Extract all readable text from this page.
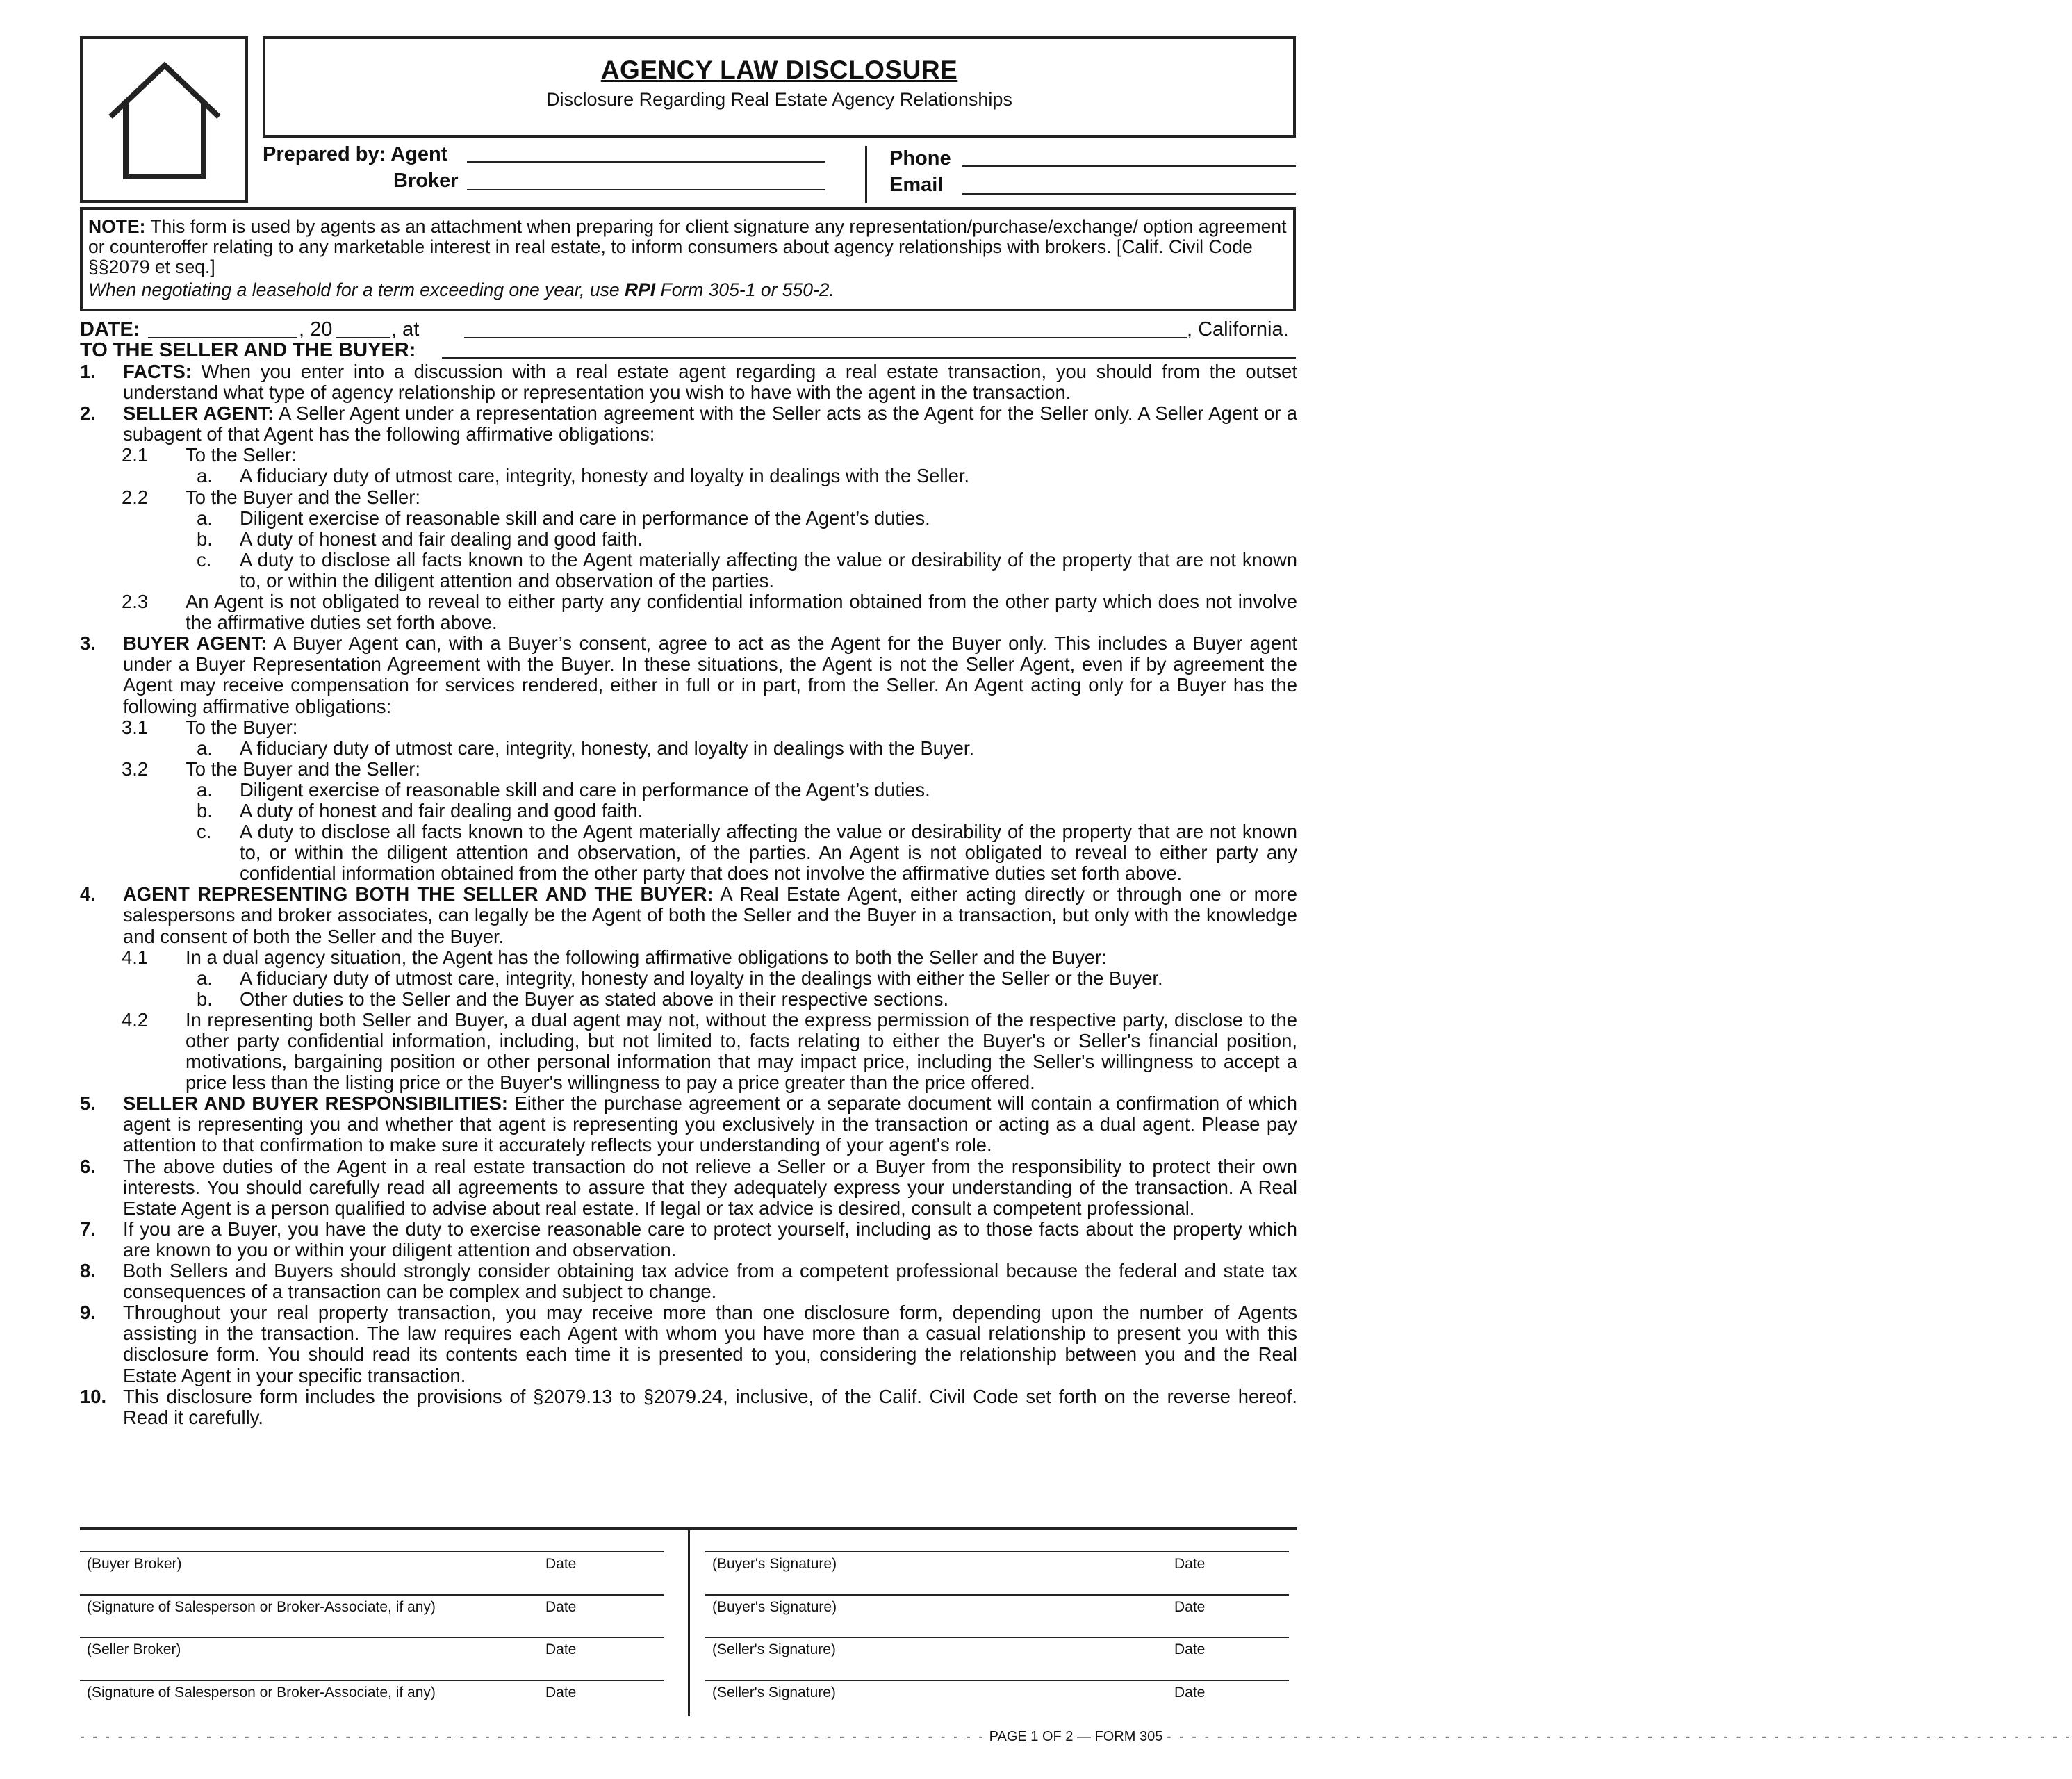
AGENCY LAW DISCLOSURE
Disclosure Regarding Real Estate Agency Relationships
Prepared by: Agent
Broker
Phone
Email
NOTE: This form is used by agents as an attachment when preparing for client signature any representation/purchase/exchange/ option agreement or counteroffer relating to any marketable interest in real estate, to inform consumers about agency relationships with brokers. [Calif. Civil Code §§2079 et seq.]
When negotiating a leasehold for a term exceeding one year, use RPI Form 305-1 or 550-2.
DATE:	, 20	, at	, California.
TO THE SELLER AND THE BUYER:

1. FACTS: When you enter into a discussion with a real estate agent regarding a real estate transaction, you should from the outset understand what type of agency relationship or representation you wish to have with the agent in the transaction.

2. SELLER AGENT: A Seller Agent under a representation agreement with the Seller acts as the Agent for the Seller only. A Seller Agent or a subagent of that Agent has the following affirmative obligations:

2.1 To the Seller:

a. A fiduciary duty of utmost care, integrity, honesty and loyalty in dealings with the Seller.

2.2 To the Buyer and the Seller:

a. Diligent exercise of reasonable skill and care in performance of the Agent’s duties.

b. A duty of honest and fair dealing and good faith.

c. A duty to disclose all facts known to the Agent materially affecting the value or desirability of the property that are not known to, or within the diligent attention and observation of the parties.

2.3 An Agent is not obligated to reveal to either party any confidential information obtained from the other party which does not involve the affirmative duties set forth above.

3. BUYER AGENT: A Buyer Agent can, with a Buyer’s consent, agree to act as the Agent for the Buyer only. This includes a Buyer agent under a Buyer Representation Agreement with the Buyer. In these situations, the Agent is not the Seller Agent, even if by agreement the Agent may receive compensation for services rendered, either in full or in part, from the Seller. An Agent acting only for a Buyer has the following affirmative obligations:

3.1 To the Buyer:

a. A fiduciary duty of utmost care, integrity, honesty, and loyalty in dealings with the Buyer.

3.2 To the Buyer and the Seller:

a. Diligent exercise of reasonable skill and care in performance of the Agent’s duties.

b. A duty of honest and fair dealing and good faith.

c. A duty to disclose all facts known to the Agent materially affecting the value or desirability of the property that are not known to, or within the diligent attention and observation, of the parties. An Agent is not obligated to reveal to either party any confidential information obtained from the other party that does not involve the affirmative duties set forth above.

4. AGENT REPRESENTING BOTH THE SELLER AND THE BUYER: A Real Estate Agent, either acting directly or through one or more salespersons and broker associates, can legally be the Agent of both the Seller and the Buyer in a transaction, but only with the knowledge and consent of both the Seller and the Buyer.

4.1 In a dual agency situation, the Agent has the following affirmative obligations to both the Seller and the Buyer:

a. A fiduciary duty of utmost care, integrity, honesty and loyalty in the dealings with either the Seller or the Buyer.

b. Other duties to the Seller and the Buyer as stated above in their respective sections.

4.2 In representing both Seller and Buyer, a dual agent may not, without the express permission of the respective party, disclose to the other party confidential information, including, but not limited to, facts relating to either the Buyer's or Seller's financial position, motivations, bargaining position or other personal information that may impact price, including the Seller's willingness to accept a price less than the listing price or the Buyer's willingness to pay a price greater than the price offered.

5. SELLER AND BUYER RESPONSIBILITIES: Either the purchase agreement or a separate document will contain a confirmation of which agent is representing you and whether that agent is representing you exclusively in the transaction or acting as a dual agent. Please pay attention to that confirmation to make sure it accurately reflects your understanding of your agent's role.

6. The above duties of the Agent in a real estate transaction do not relieve a Seller or a Buyer from the responsibility to protect their own interests. You should carefully read all agreements to assure that they adequately express your understanding of the transaction. A Real Estate Agent is a person qualified to advise about real estate. If legal or tax advice is desired, consult a competent professional.

7. If you are a Buyer, you have the duty to exercise reasonable care to protect yourself, including as to those facts about the property which are known to you or within your diligent attention and observation.

8. Both Sellers and Buyers should strongly consider obtaining tax advice from a competent professional because the federal and state tax consequences of a transaction can be complex and subject to change.

9. Throughout your real property transaction, you may receive more than one disclosure form, depending upon the number of Agents assisting in the transaction. The law requires each Agent with whom you have more than a casual relationship to present you with this disclosure form. You should read its contents each time it is presented to you, considering the relationship between you and the Real Estate Agent in your specific transaction.

10. This disclosure form includes the provisions of §2079.13 to §2079.24, inclusive, of the Calif. Civil Code set forth on the reverse hereof. Read it carefully.

(Buyer Broker)	Date
(Signature of Salesperson or Broker-Associate, if any)	Date
(Seller Broker)	Date
(Signature of Salesperson or Broker-Associate, if any)	Date
(Buyer's Signature)	Date
(Buyer's Signature)	Date
(Seller's Signature)	Date
(Seller's Signature)	Date
- - - - - - - - - - - - - - - - - - - - - - - - - - - - - - - - - - - - - - - - - - - - - - - - - - - - - - - - - - - - - - - - - - - - - - - - PAGE 1 OF 2 — FORM 305 - - - - - - - - - - - - - - - - - - - - - - - - - - - - - - - - - - - - - - - - - - - - - - - - - - - - - - - - - - - - - - - - - - - - - - - -
